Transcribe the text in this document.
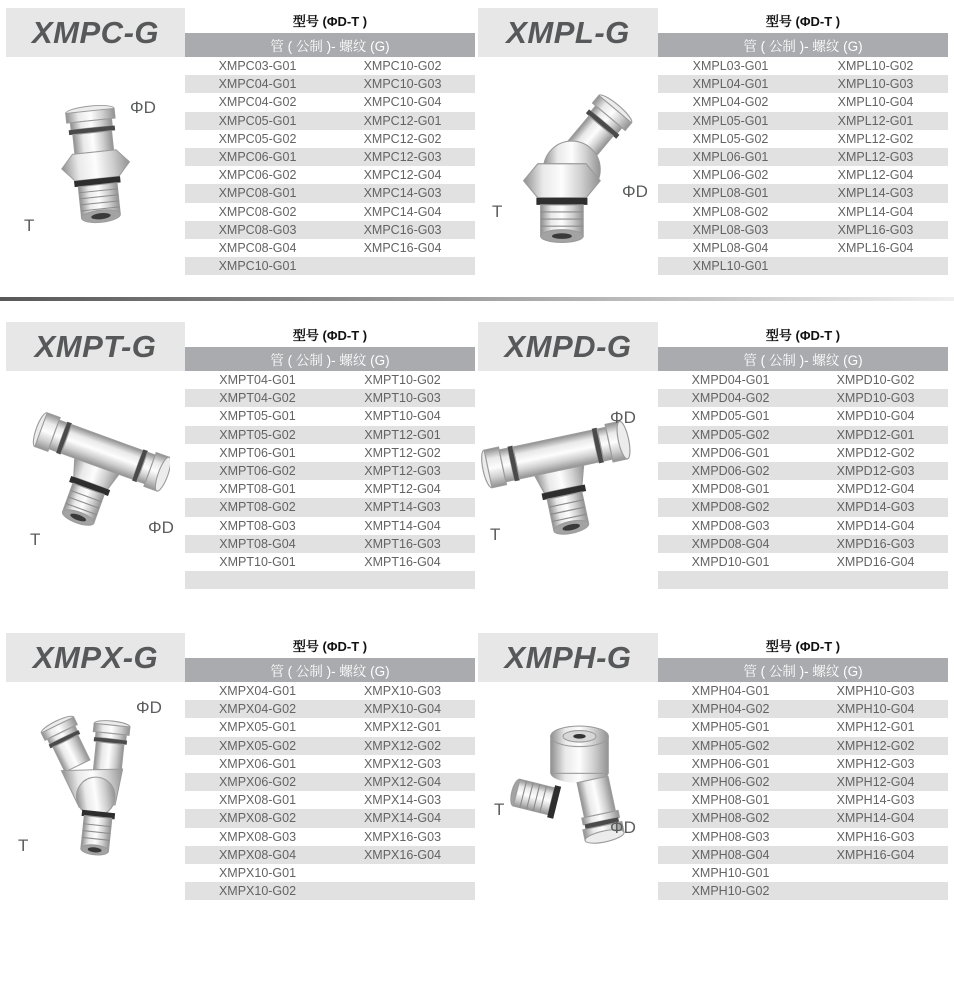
XMPC-G	XMPL-G
XMPT-G	XMPD-G
XMPX-G	XMPH-G
型号 (ΦD-T )
管 ( 公制 )- 螺纹 (G)
XMPC03-G01	XMPC10-G02
XMPC04-G01	XMPC10-G03
XMPC04-G02	XMPC10-G04
XMPC05-G01	XMPC12-G01
XMPC05-G02	XMPC12-G02
XMPC06-G01	XMPC12-G03
XMPC06-G02	XMPC12-G04
XMPC08-G01	XMPC14-G03
XMPC08-G02	XMPC14-G04
XMPC08-G03	XMPC16-G03
XMPC08-G04	XMPC16-G04
XMPC10-G01
型号 (ΦD-T )
管 ( 公制 )- 螺纹 (G)
XMPL03-G01	XMPL10-G02
XMPL04-G01	XMPL10-G03
XMPL04-G02	XMPL10-G04
XMPL05-G01	XMPL12-G01
XMPL05-G02	XMPL12-G02
XMPL06-G01	XMPL12-G03
XMPL06-G02	XMPL12-G04
XMPL08-G01	XMPL14-G03
XMPL08-G02	XMPL14-G04
XMPL08-G03	XMPL16-G03
XMPL08-G04	XMPL16-G04
XMPL10-G01
型号 (ΦD-T )
管 ( 公制 )- 螺纹 (G)
XMPT04-G01	XMPT10-G02
XMPT04-G02	XMPT10-G03
XMPT05-G01	XMPT10-G04
XMPT05-G02	XMPT12-G01
XMPT06-G01	XMPT12-G02
XMPT06-G02	XMPT12-G03
XMPT08-G01	XMPT12-G04
XMPT08-G02	XMPT14-G03
XMPT08-G03	XMPT14-G04
XMPT08-G04	XMPT16-G03
XMPT10-G01	XMPT16-G04
型号 (ΦD-T )
管 ( 公制 )- 螺纹 (G)
XMPD04-G01	XMPD10-G02
XMPD04-G02	XMPD10-G03
XMPD05-G01	XMPD10-G04
XMPD05-G02	XMPD12-G01
XMPD06-G01	XMPD12-G02
XMPD06-G02	XMPD12-G03
XMPD08-G01	XMPD12-G04
XMPD08-G02	XMPD14-G03
XMPD08-G03	XMPD14-G04
XMPD08-G04	XMPD16-G03
XMPD10-G01	XMPD16-G04
型号 (ΦD-T )
管 ( 公制 )- 螺纹 (G)
XMPX04-G01	XMPX10-G03
XMPX04-G02	XMPX10-G04
XMPX05-G01	XMPX12-G01
XMPX05-G02	XMPX12-G02
XMPX06-G01	XMPX12-G03
XMPX06-G02	XMPX12-G04
XMPX08-G01	XMPX14-G03
XMPX08-G02	XMPX14-G04
XMPX08-G03	XMPX16-G03
XMPX08-G04	XMPX16-G04
XMPX10-G01
XMPX10-G02
型号 (ΦD-T )
管 ( 公制 )- 螺纹 (G)
XMPH04-G01	XMPH10-G03
XMPH04-G02	XMPH10-G04
XMPH05-G01	XMPH12-G01
XMPH05-G02	XMPH12-G02
XMPH06-G01	XMPH12-G03
XMPH06-G02	XMPH12-G04
XMPH08-G01	XMPH14-G03
XMPH08-G02	XMPH14-G04
XMPH08-G03	XMPH16-G03
XMPH08-G04	XMPH16-G04
XMPH10-G01
XMPH10-G02
ΦD
T
ΦD
T
ΦD
T
ΦD
T
ΦD
T
ΦD
T
